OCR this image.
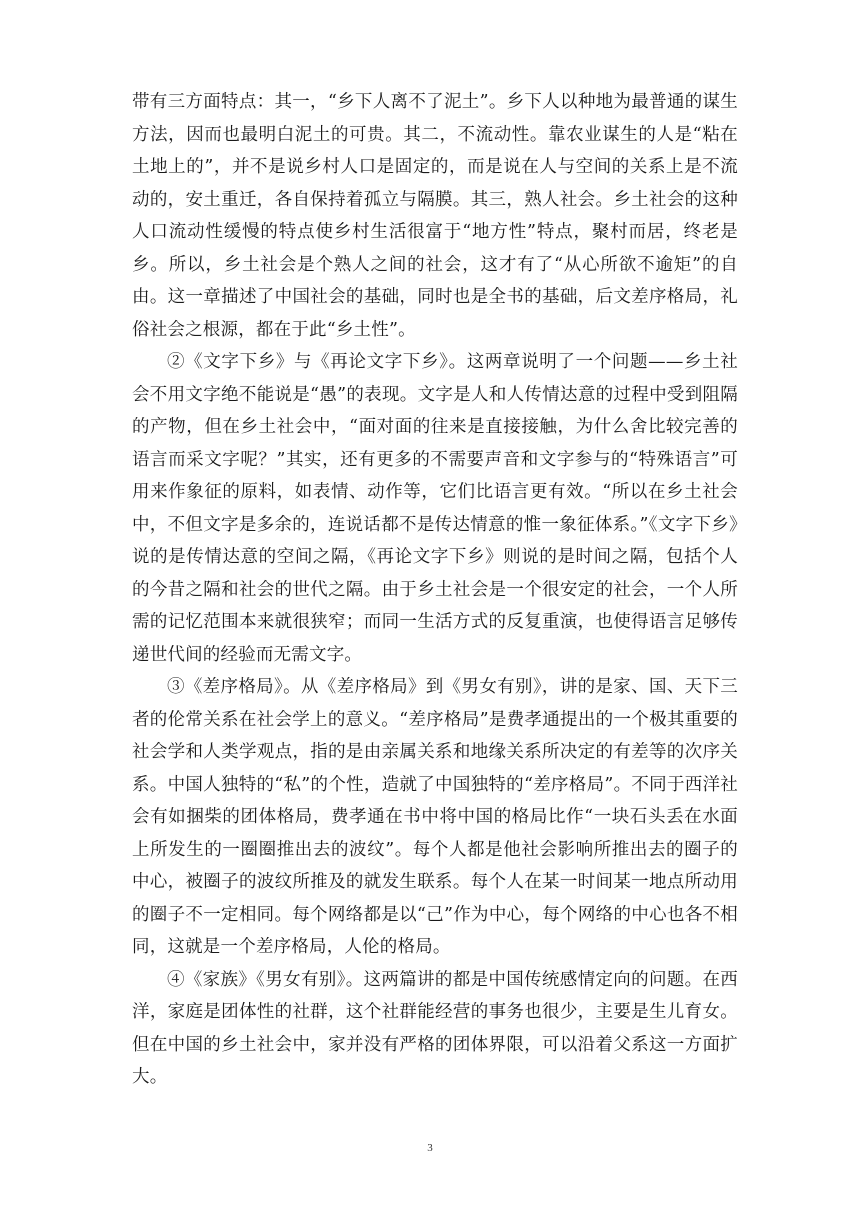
带有三方面特点：其一，“乡下人离不了泥土”。乡下人以种地为最普通的谋生方法，因而也最明白泥土的可贵。其二，不流动性。靠农业谋生的人是“粘在土地上的”，并不是说乡村人口是固定的，而是说在人与空间的关系上是不流动的，安土重迁，各自保持着孤立与隔膜。其三，熟人社会。乡土社会的这种人口流动性缓慢的特点使乡村生活很富于“地方性”特点，聚村而居，终老是乡。所以，乡土社会是个熟人之间的社会，这才有了“从心所欲不逾矩”的自由。这一章描述了中国社会的基础，同时也是全书的基础，后文差序格局，礼俗社会之根源，都在于此“乡土性”。

②《文字下乡》与《再论文字下乡》。这两章说明了一个问题——乡土社会不用文字绝不能说是“愚”的表现。文字是人和人传情达意的过程中受到阻隔的产物，但在乡土社会中，“面对面的往来是直接接触，为什么舍比较完善的语言而采文字呢？”其实，还有更多的不需要声音和文字参与的“特殊语言”可用来作象征的原料，如表情、动作等，它们比语言更有效。“所以在乡土社会中，不但文字是多余的，连说话都不是传达情意的惟一象征体系。”《文字下乡》说的是传情达意的空间之隔，《再论文字下乡》则说的是时间之隔，包括个人的今昔之隔和社会的世代之隔。由于乡土社会是一个很安定的社会，一个人所需的记忆范围本来就很狭窄；而同一生活方式的反复重演，也使得语言足够传递世代间的经验而无需文字。

③《差序格局》。从《差序格局》到《男女有别》，讲的是家、国、天下三者的伦常关系在社会学上的意义。“差序格局”是费孝通提出的一个极其重要的社会学和人类学观点，指的是由亲属关系和地缘关系所决定的有差等的次序关系。中国人独特的“私”的个性，造就了中国独特的“差序格局”。不同于西洋社会有如捆柴的团体格局，费孝通在书中将中国的格局比作“一块石头丢在水面上所发生的一圈圈推出去的波纹”。每个人都是他社会影响所推出去的圈子的中心，被圈子的波纹所推及的就发生联系。每个人在某一时间某一地点所动用的圈子不一定相同。每个网络都是以“己”作为中心，每个网络的中心也各不相同，这就是一个差序格局，人伦的格局。

④《家族》《男女有别》。这两篇讲的都是中国传统感情定向的问题。在西洋，家庭是团体性的社群，这个社群能经营的事务也很少，主要是生儿育女。但在中国的乡土社会中，家并没有严格的团体界限，可以沿着父系这一方面扩大。

3
